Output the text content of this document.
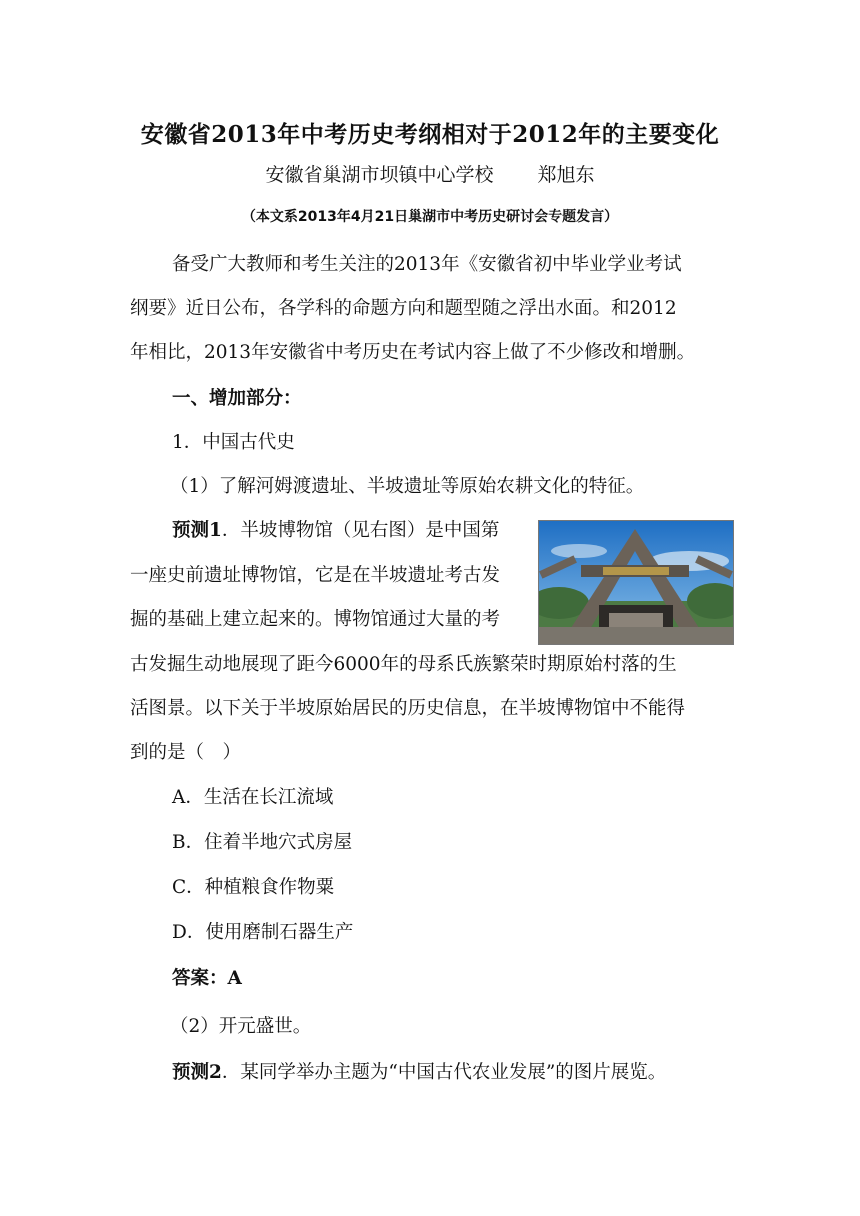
安徽省2013年中考历史考纲相对于2012年的主要变化
安徽省巢湖市坝镇中心学校 郑旭东
（本文系2013年4月21日巢湖市中考历史研讨会专题发言）
备受广大教师和考生关注的2013年《安徽省初中毕业学业考试
纲要》近日公布，各学科的命题方向和题型随之浮出水面。和2012
年相比，2013年安徽省中考历史在考试内容上做了不少修改和增删。
一、增加部分：
1．中国古代史
（1）了解河姆渡遗址、半坡遗址等原始农耕文化的特征。
预测1．半坡博物馆（见右图）是中国第
一座史前遗址博物馆，它是在半坡遗址考古发
掘的基础上建立起来的。博物馆通过大量的考
古发掘生动地展现了距今6000年的母系氏族繁荣时期原始村落的生
活图景。以下关于半坡原始居民的历史信息，在半坡博物馆中不能得
到的是（　）
A．生活在长江流域
B．住着半地穴式房屋
C．种植粮食作物粟
D．使用磨制石器生产
答案：A
（2）开元盛世。
预测2．某同学举办主题为“中国古代农业发展”的图片展览。
